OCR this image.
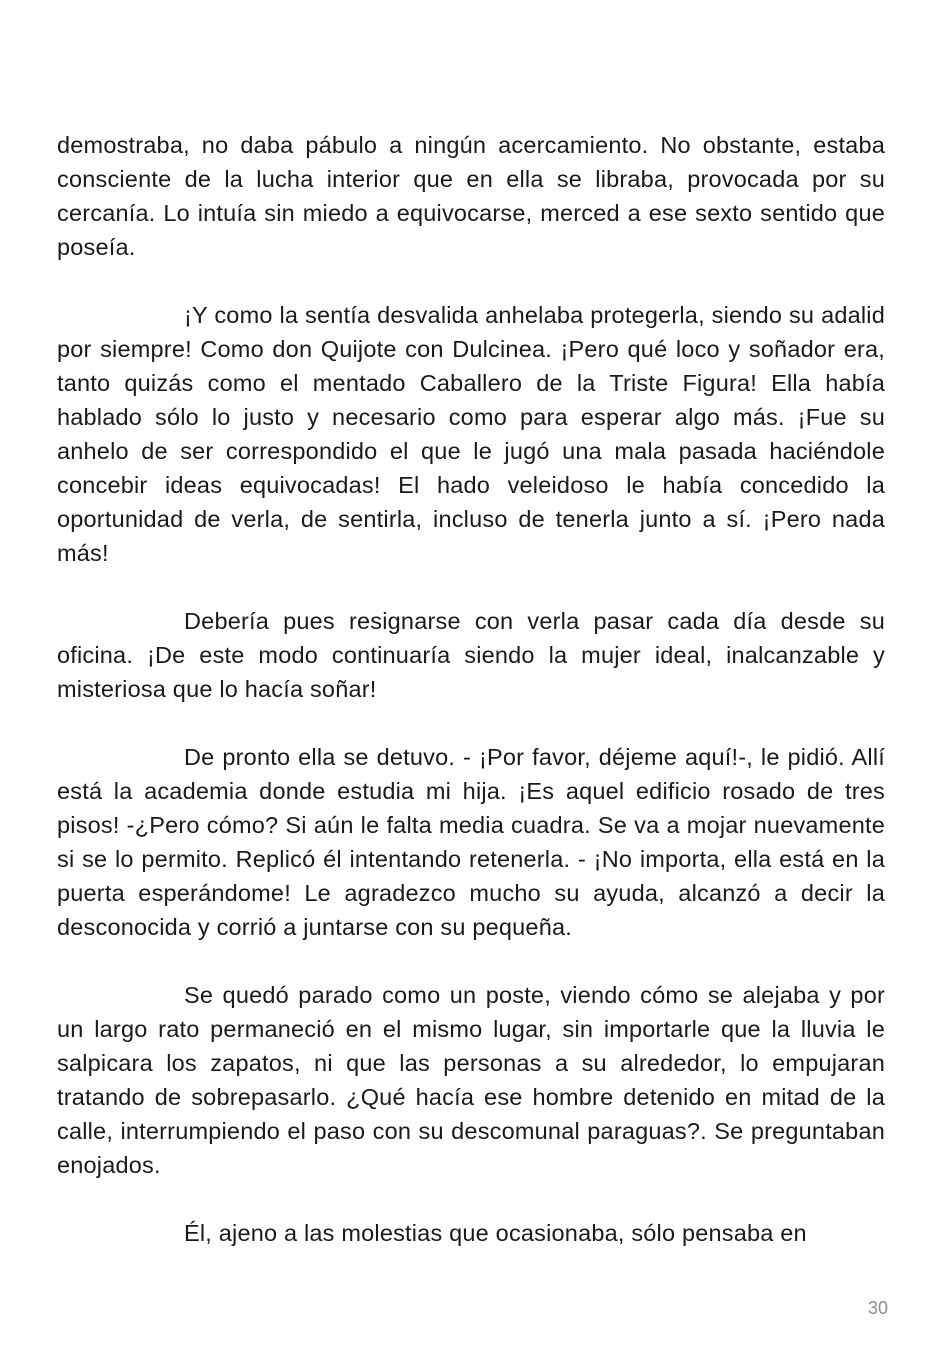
demostraba, no daba pábulo a ningún acercamiento. No obstante, estaba consciente de la lucha interior que en ella se libraba, provocada por su cercanía. Lo intuía sin miedo a equivocarse, merced a ese sexto sentido que poseía.

¡Y como la sentía desvalida anhelaba protegerla, siendo su adalid por siempre! Como don Quijote con Dulcinea. ¡Pero qué loco y soñador era, tanto quizás como el mentado Caballero de la Triste Figura! Ella había hablado sólo lo justo y necesario como para esperar algo más. ¡Fue su anhelo de ser correspondido el que le jugó una mala pasada haciéndole concebir ideas equivocadas! El hado veleidoso le había concedido la oportunidad de verla, de sentirla, incluso de tenerla junto a sí. ¡Pero nada más!

Debería pues resignarse con verla pasar cada día desde su oficina. ¡De este modo continuaría siendo la mujer ideal, inalcanzable y misteriosa que lo hacía soñar!

De pronto ella se detuvo. - ¡Por favor, déjeme aquí!-, le pidió. Allí está la academia donde estudia mi hija. ¡Es aquel edificio rosado de tres pisos! -¿Pero cómo? Si aún le falta media cuadra. Se va a mojar nuevamente si se lo permito. Replicó él intentando retenerla. - ¡No importa, ella está en la puerta esperándome! Le agradezco mucho su ayuda, alcanzó a decir la desconocida y corrió a juntarse con su pequeña.

Se quedó parado como un poste, viendo cómo se alejaba y por un largo rato permaneció en el mismo lugar, sin importarle que la lluvia le salpicara los zapatos, ni que las personas a su alrededor, lo empujaran tratando de sobrepasarlo. ¿Qué hacía ese hombre detenido en mitad de la calle, interrumpiendo el paso con su descomunal paraguas?. Se preguntaban enojados.

Él, ajeno a las molestias que ocasionaba, sólo pensaba en

30
